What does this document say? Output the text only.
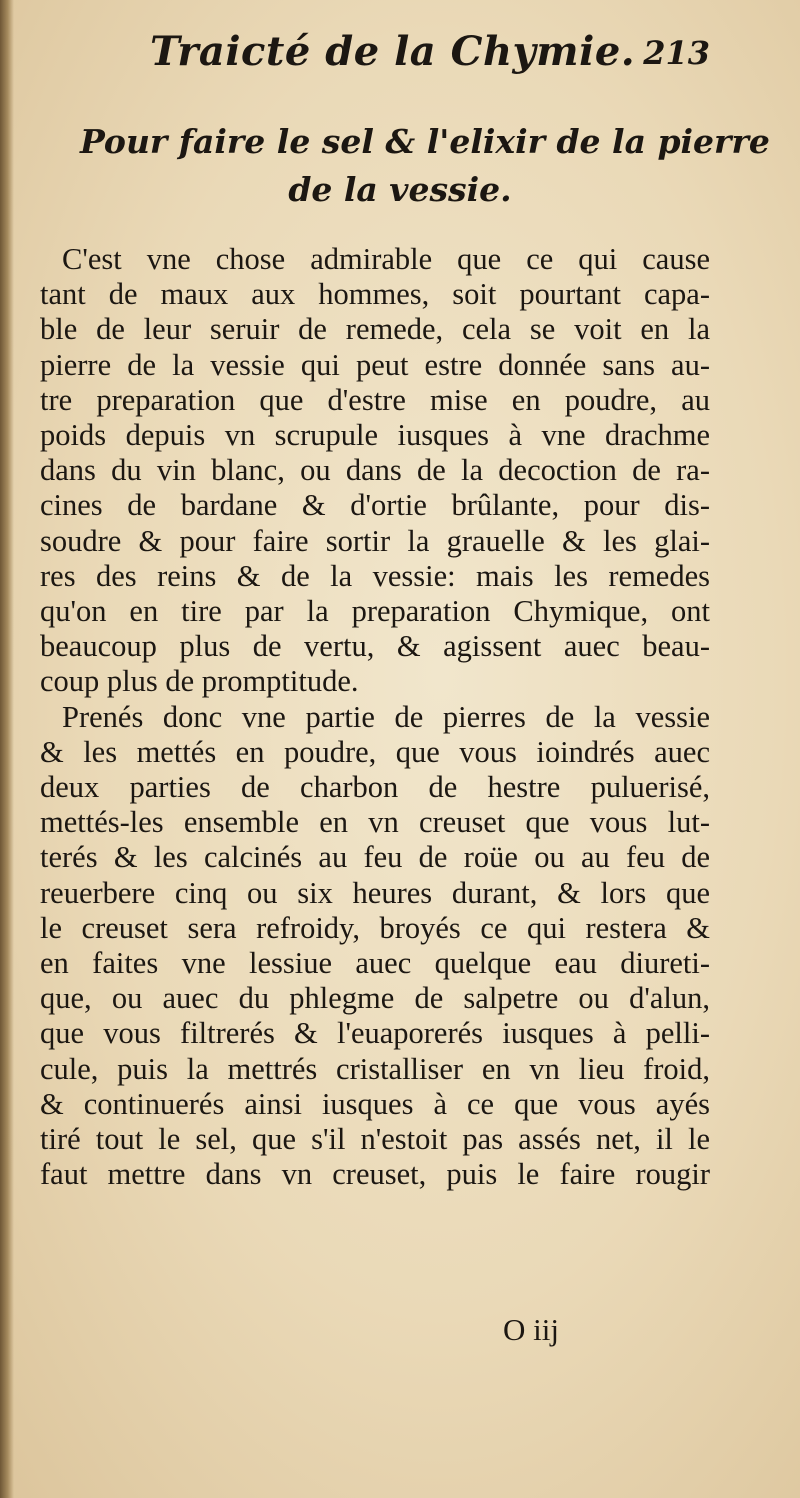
Traicté de la Chymie. 213
Pour faire le sel & l'elixir de la pierre
de la vessie.
C'est vne chose admirable que ce qui cause
tant de maux aux hommes, soit pourtant capa-
ble de leur seruir de remede, cela se voit en la
pierre de la vessie qui peut estre donnée sans au-
tre preparation que d'estre mise en poudre, au
poids depuis vn scrupule iusques à vne drachme
dans du vin blanc, ou dans de la decoction de ra-
cines de bardane & d'ortie brûlante, pour dis-
soudre & pour faire sortir la grauelle & les glai-
res des reins & de la vessie: mais les remedes
qu'on en tire par la preparation Chymique, ont
beaucoup plus de vertu, & agissent auec beau-
coup plus de promptitude.
Prenés donc vne partie de pierres de la vessie
& les mettés en poudre, que vous ioindrés auec
deux parties de charbon de hestre puluerisé,
mettés-les ensemble en vn creuset que vous lut-
terés & les calcinés au feu de roüe ou au feu de
reuerbere cinq ou six heures durant, & lors que
le creuset sera refroidy, broyés ce qui restera &
en faites vne lessiue auec quelque eau diureti-
que, ou auec du phlegme de salpetre ou d'alun,
que vous filtrerés & l'euaporerés iusques à pelli-
cule, puis la mettrés cristalliser en vn lieu froid,
& continuerés ainsi iusques à ce que vous ayés
tiré tout le sel, que s'il n'estoit pas assés net, il le
faut mettre dans vn creuset, puis le faire rougir
O iij
